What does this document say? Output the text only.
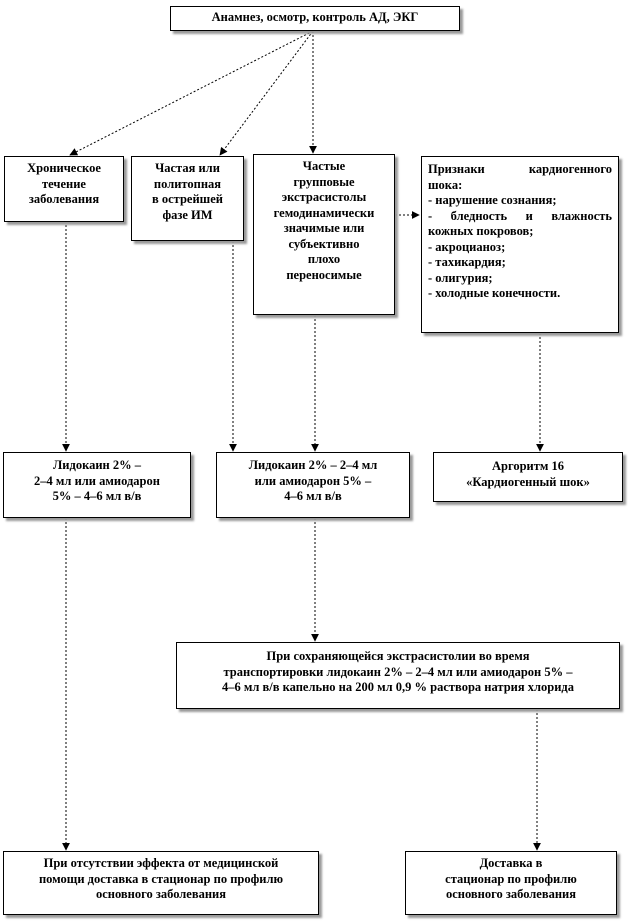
Анамнез, осмотр, контроль АД, ЭКГ
Хроническое
течение
заболевания
Частая или
политопная
в острейшей
фазе ИМ
Частые
групповые
экстрасистолы
гемодинамически
значимые или
субъективно
плохо
переносимые
Признаки кардиогенного
шока:
- нарушение сознания;
- бледность и влажность
кожных покровов;
- акроцианоз;
- тахикардия;
- олигурия;
- холодные конечности.
Лидокаин 2% –
2–4 мл или амиодарон
5% – 4–6 мл в/в
Лидокаин 2% – 2–4 мл
или амиодарон 5% –
4–6 мл в/в
Аргоритм 16
«Кардиогенный шок»
При сохраняющейся экстрасистолии во время
транспортировки лидокаин 2% – 2–4 мл или амиодарон 5% –
4–6 мл в/в капельно на 200 мл 0,9 % раствора натрия хлорида
При отсутствии эффекта от медицинской
помощи доставка в стационар по профилю
основного заболевания
Доставка в
стационар по профилю
основного заболевания
